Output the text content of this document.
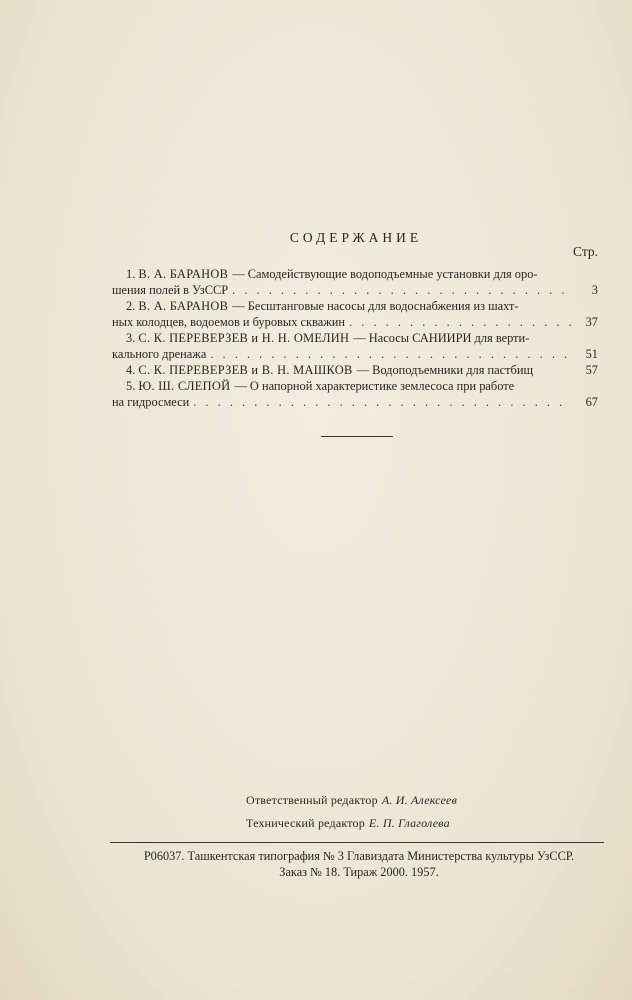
СОДЕРЖАНИЕ
Стр.
1.
В. А. БАРАНОВ — Самодействующие водоподъемные установки для оро-
шения полей в УзССР . . .	3
2.
В. А. БАРАНОВ — Бесштанговые насосы для водоснабжения из шахт-
ных колодцев, водоемов и буровых скважин . . .	37
3.
С. К. ПЕРЕВЕРЗЕВ и Н. Н. ОМЕЛИН — Насосы САНИИРИ для верти-
кального дренажа . . .	51
4.
С. К. ПЕРЕВЕРЗЕВ и В. Н. МАШКОВ — Водоподъемники для пастбищ	57
5.
Ю. Ш. СЛЕПОЙ — О напорной характеристике землесоса при работе
на гидросмеси . . .	67
Ответственный редактор А. И. Алексеев
Технический редактор Е. П. Глаголева
Р06037. Ташкентская типография № 3 Главиздата Министерства культуры УзССР.
Заказ № 18. Тираж 2000. 1957.
